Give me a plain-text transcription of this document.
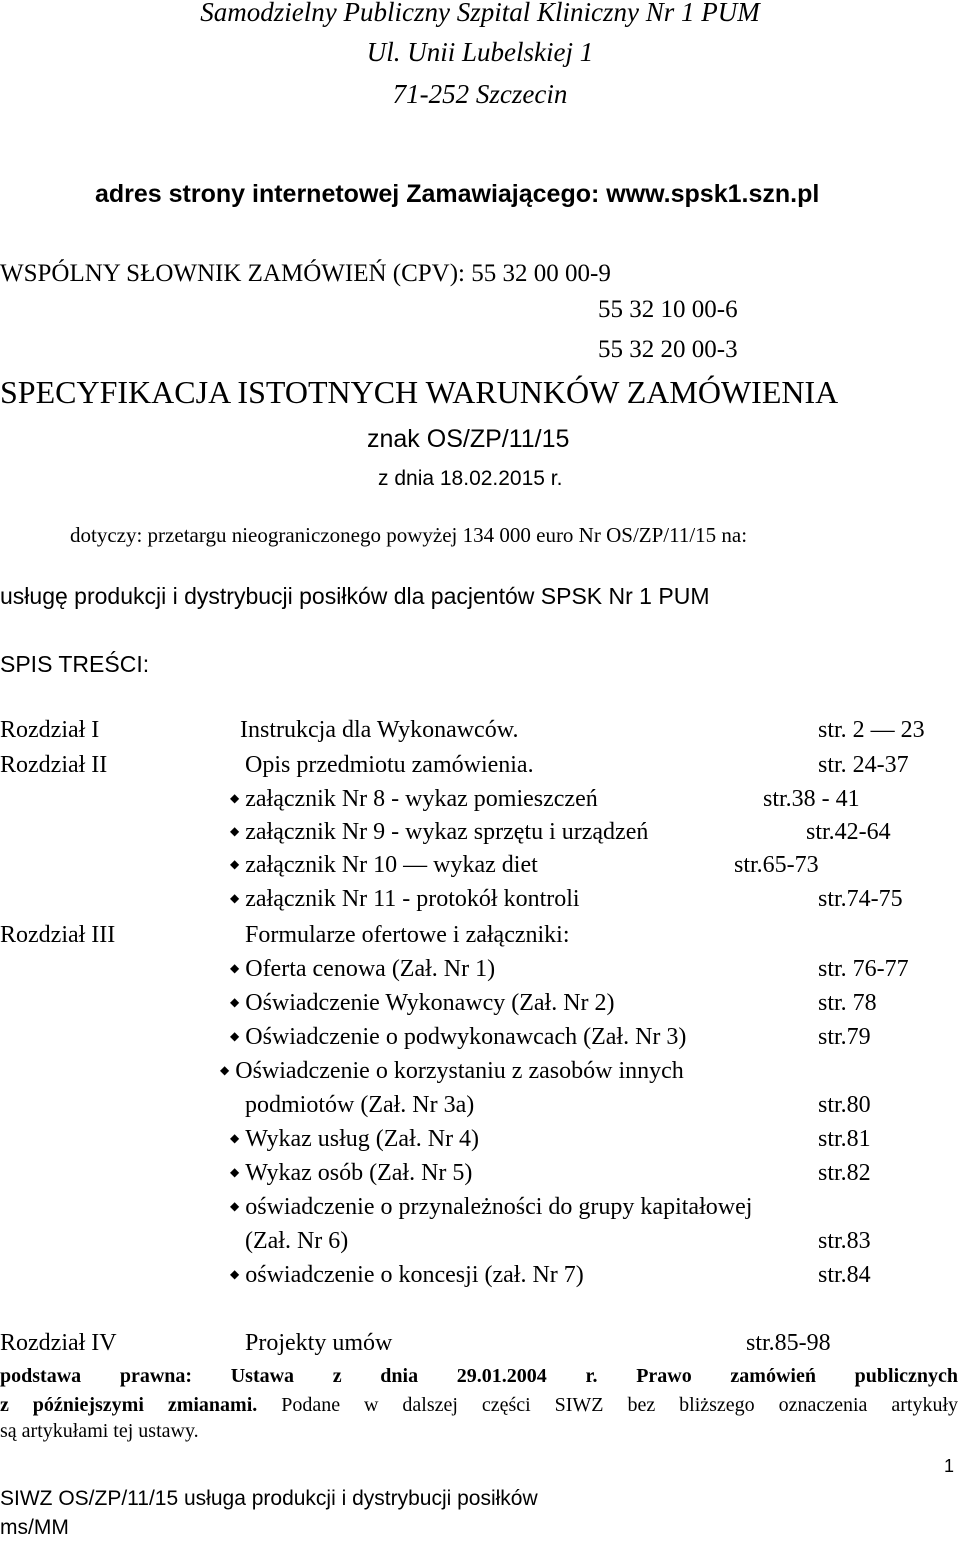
Samodzielny Publiczny Szpital Kliniczny Nr 1 PUM
Ul. Unii Lubelskiej 1
71-252 Szczecin
adres strony internetowej Zamawiającego: www.spsk1.szn.pl
WSPÓLNY SŁOWNIK ZAMÓWIEŃ (CPV): 55 32 00 00-9
55 32 10 00-6
55 32 20 00-3
SPECYFIKACJA ISTOTNYCH WARUNKÓW ZAMÓWIENIA
znak OS/ZP/11/15
z dnia 18.02.2015 r.
dotyczy: przetargu nieograniczonego powyżej 134 000 euro Nr OS/ZP/11/15 na:
usługę produkcji i dystrybucji posiłków dla pacjentów SPSK Nr 1 PUM
SPIS TREŚCI:
Rozdział I	Instrukcja dla Wykonawców.	str. 2 — 23
Rozdział II	Opis przedmiotu zamówienia.	str. 24-37
◆ załącznik Nr 8 - wykaz pomieszczeń	str.38 - 41
◆ załącznik Nr 9 - wykaz sprzętu i urządzeń	str.42-64
◆ załącznik Nr 10 — wykaz diet	str.65-73
◆ załącznik Nr 11 - protokół kontroli	str.74-75
Rozdział III	Formularze ofertowe i załączniki:
◆ Oferta cenowa (Zał. Nr 1)	str. 76-77
◆ Oświadczenie Wykonawcy (Zał. Nr 2)	str. 78
◆ Oświadczenie o podwykonawcach (Zał. Nr 3)	str.79
◆ Oświadczenie o korzystaniu z zasobów innych
podmiotów (Zał. Nr 3a)	str.80
◆ Wykaz usług (Zał. Nr 4)	str.81
◆ Wykaz osób (Zał. Nr 5)	str.82
◆ oświadczenie o przynależności do grupy kapitałowej
(Zał. Nr 6)	str.83
◆ oświadczenie o koncesji (zał. Nr 7)	str.84
Rozdział IV	Projekty umów	str.85-98
podstawa prawna: Ustawa z dnia 29.01.2004 r. Prawo zamówień publicznych
z późniejszymi zmianami. Podane w dalszej części SIWZ bez bliższego oznaczenia artykuły
są artykułami tej ustawy.
1
SIWZ OS/ZP/11/15 usługa produkcji i dystrybucji posiłków
ms/MM
